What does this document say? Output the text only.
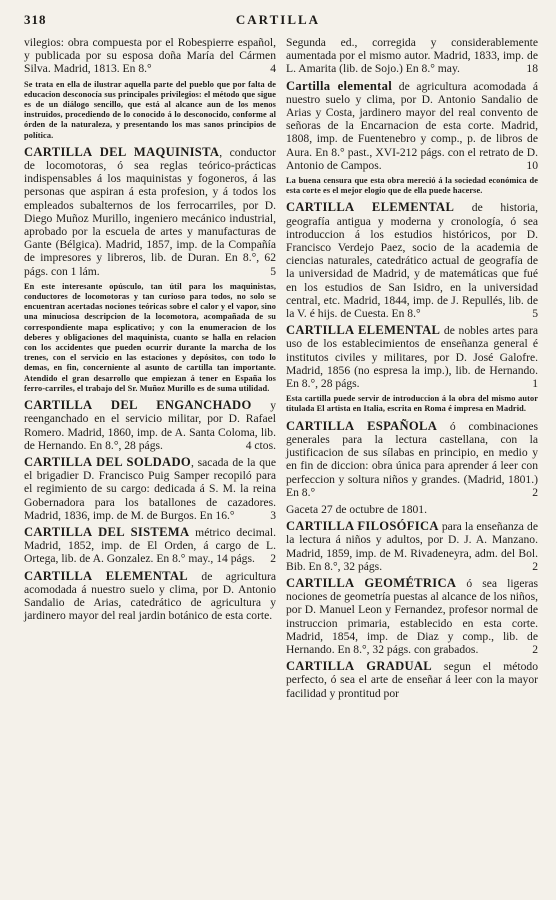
318	CARTILLA

vilegios: obra compuesta por el Robespierre español, y publicada por su esposa doña María del Cármen Silva. Madrid, 1813. En 8.°	4

Se trata en ella de ilustrar aquella parte del pueblo que por falta de educacion desconocía sus principales privilegios: el método que sigue es de un diálogo sencillo, que está al alcance aun de los menos instruidos, procediendo de lo conocido á lo desconocido, conforme al órden de la naturaleza, y presentando los mas sanos principios de política.

CARTILLA DEL MAQUINISTA, conductor de locomotoras, ó sea reglas teórico-prácticas indispensables á los maquinistas y fogoneros, á las personas que aspiran á esta profesion, y á todos los empleados subalternos de los ferrocarriles, por D. Diego Muñoz Murillo, ingeniero mecánico industrial, aprobado por la escuela de artes y manufacturas de Gante (Bélgica). Madrid, 1857, imp. de la Compañía de impresores y libreros, lib. de Duran. En 8.°, 62 págs. con 1 lám.	5

En este interesante opúsculo, tan útil para los maquinistas, conductores de locomotoras y tan curioso para todos, no solo se encuentran acertadas nociones teóricas sobre el calor y el vapor, sino una minuciosa descripcion de la locomotora, acompañada de su correspondiente mapa esplicativo; y con la enumeracion de los deberes y obligaciones del maquinista, cuanto se halla en relacion con los accidentes que pueden ocurrir durante la marcha de los trenes, con el servicio en las estaciones y depósitos, con todo lo demas, en fin, concerniente al asunto de cartilla tan importante. Atendido el gran desarrollo que empiezan á tener en España los ferro-carriles, el trabajo del Sr. Muñoz Murillo es de suma utilidad.

CARTILLA DEL ENGANCHADO y reenganchado en el servicio militar, por D. Rafael Romero. Madrid, 1860, imp. de A. Santa Coloma, lib. de Hernando. En 8.°, 28 págs.	4 ctos.

CARTILLA DEL SOLDADO, sacada de la que el brigadier D. Francisco Puig Samper recopiló para el regimiento de su cargo: dedicada á S. M. la reina Gobernadora para los batallones de cazadores. Madrid, 1836, imp. de M. de Burgos. En 16.°	3

CARTILLA DEL SISTEMA métrico decimal. Madrid, 1852, imp. de El Orden, á cargo de L. Ortega, lib. de A. Gonzalez. En 8.° may., 14 págs. 2

CARTILLA ELEMENTAL de agricultura acomodada á nuestro suelo y clima, por D. Antonio Sandalio de Arias, catedrático de agricultura y jardinero mayor del real jardin botánico de esta corte.

Segunda ed., corregida y considerablemente aumentada por el mismo autor. Madrid, 1833, imp. de L. Amarita (lib. de Sojo.) En 8.° may.	18

Cartilla elemental de agricultura acomodada á nuestro suelo y clima, por D. Antonio Sandalio de Arias y Costa, jardinero mayor del real convento de señoras de la Encarnacion de esta corte. Madrid, 1808, imp. de Fuentenebro y comp., p. de libros de Aura. En 8.° past., XVI-212 págs. con el retrato de D. Antonio de Campos.	10

La buena censura que esta obra mereció á la sociedad económica de esta corte es el mejor elogio que de ella puede hacerse.

CARTILLA ELEMENTAL de historia, geografía antigua y moderna y cronología, ó sea introduccion á los estudios históricos, por D. Francisco Verdejo Paez, socio de la academia de ciencias naturales, catedrático actual de geografía de la universidad de Madrid, y de matemáticas que fué en los estudios de San Isidro, en la universidad central, etc. Madrid, 1844, imp. de J. Repullés, lib. de la V. é hijs. de Cuesta. En 8.°	5

CARTILLA ELEMENTAL de nobles artes para uso de los establecimientos de enseñanza general é institutos civiles y militares, por D. José Galofre. Madrid, 1856 (no espresa la imp.), lib. de Hernando. En 8.°, 28 págs.	1

Esta cartilla puede servir de introduccion á la obra del mismo autor titulada El artista en Italia, escrita en Roma é impresa en Madrid.

CARTILLA ESPAÑOLA ó combinaciones generales para la lectura castellana, con la justificacion de sus sílabas en principio, en medio y en fin de diccion: obra única para aprender á leer con perfeccion y soltura niños y grandes. (Madrid, 1801.) En 8.°	2

Gaceta 27 de octubre de 1801.

CARTILLA FILOSÓFICA para la enseñanza de la lectura á niños y adultos, por D. J. A. Manzano. Madrid, 1859, imp. de M. Rivadeneyra, adm. del Bol. Bib. En 8.°, 32 págs.	2

CARTILLA GEOMÉTRICA ó sea ligeras nociones de geometría puestas al alcance de los niños, por D. Manuel Leon y Fernandez, profesor normal de instruccion primaria, establecido en esta corte. Madrid, 1854, imp. de Diaz y comp., lib. de Hernando. En 8.°, 32 págs. con grabados.	2

CARTILLA GRADUAL segun el método perfecto, ó sea el arte de enseñar á leer con la mayor facilidad y prontitud por
